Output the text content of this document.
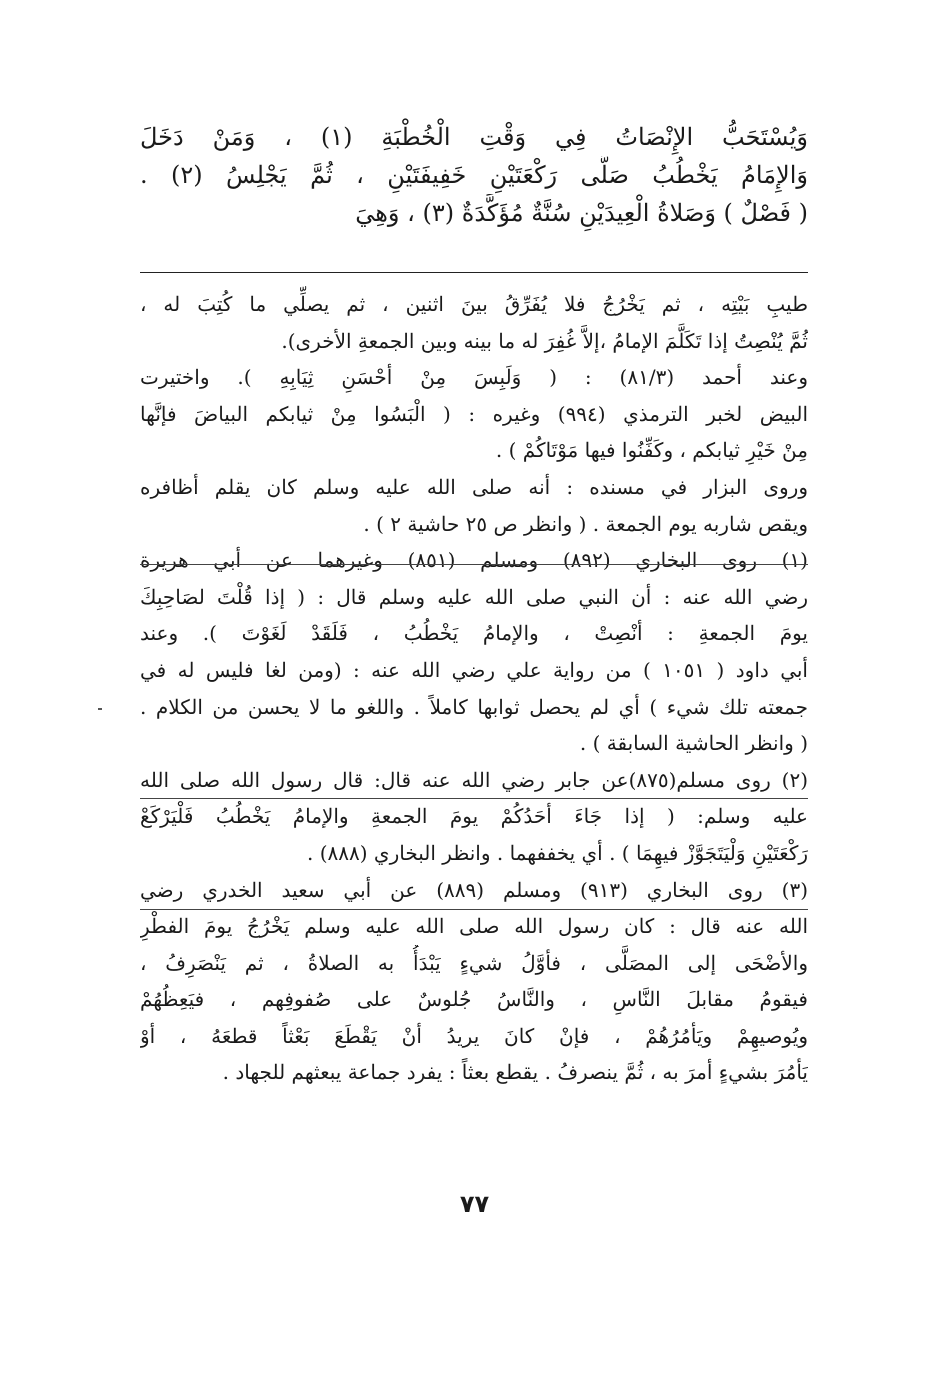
وَيُسْتَحَبُّ الإِنْصَاتُ فِي وَقْتِ الْخُطْبَةِ (١) ، وَمَنْ دَخَلَ
وَالإِمَامُ يَخْطُبُ صَلَّى رَكْعَتَيْنِ خَفِيفَتَيْنِ ، ثُمَّ يَجْلِسُ (٢) .
( فَصْلٌ ) وَصَلاةُ الْعِيدَيْنِ سُنَّةٌ مُؤَكَّدَةٌ (٣) ، وَهِيَ
طيبِ بَيْتِه ، ثم يَخْرُجُ فلا يُفَرِّقُ بينَ اثنين ، ثم يصلِّي ما كُتِبَ له ،
ثُمَّ يُنْصِتُ إذا تَكَلَّمَ الإمامُ ،إلاَّ غُفِرَ له ما بينه وبين الجمعةِ الأخرى).
وعند أحمد (٨١/٣) : ( وَلَبِسَ مِنْ أحْسَنِ ثِيَابِهِ ). واختيرت
البيض لخبر الترمذي (٩٩٤) وغيره : ( الْبَسُوا مِنْ ثيابكم البياضَ فإنَّها
مِنْ خَيْرِ ثيابكم ، وكَفِّنُوا فيها مَوْتَاكُمْ ) .
وروى البزار في مسنده : أنه صلى الله عليه وسلم كان يقلم أظافره
ويقص شاربه يوم الجمعة . ( وانظر ص ٢٥ حاشية ٢ ) .
(١) روى البخاري (٨٩٢) ومسلم (٨٥١) وغيرهما عن أبي هريرة
رضي الله عنه : أن النبي صلى الله عليه وسلم قال : ( إذا قُلْتَ لصَاحِبِكَ
يومَ الجمعةِ : أنْصِتْ ، والإمامُ يَخْطُبُ ، فَلَقَدْ لَغَوْتَ ). وعند
أبي داود ( ١٠٥١ ) من رواية علي رضي الله عنه : (ومن لغا فليس له في
جمعته تلك شيء ) أي لم يحصل ثوابها كاملاً . واللغو ما لا يحسن من الكلام .
( وانظر الحاشية السابقة ) .
(٢) روى مسلم(٨٧٥)عن جابر رضي الله عنه قال: قال رسول الله صلى الله
عليه وسلم: ( إذا جَاءَ أحَدُكُمْ يومَ الجمعةِ والإمامُ يَخْطُبُ فَلْيَرْكَعْ
رَكْعَتَيْنِ وَلْيَتَجَوَّزْ فيهِمَا ) . أي يخففهما . وانظر البخاري (٨٨٨) .
(٣) روى البخاري (٩١٣) ومسلم (٨٨٩) عن أبي سعيد الخدري رضي
الله عنه قال : كان رسول الله صلى الله عليه وسلم يَخْرُجُ يومَ الفطْرِ
والأضْحَى إلى المصَلَّى ، فأوَّلُ شيءٍ يَبْدَأُ به الصلاةُ ، ثم يَنْصَرِفُ ،
فيقومُ مقابلَ النَّاسِ ، والنَّاسُ جُلوسٌ على صُفوفِهم ، فيَعِظُهُمْ
ويُوصيهِمْ ويَأمُرُهُمْ ، فإنْ كانَ يريدُ أنْ يَقْطَعَ بَعْثاً قطعَهُ ، أوْ
يَأمُرَ بشيءٍ أمرَ به ، ثُمَّ ينصرفُ . يقطع بعثاً : يفرد جماعة يبعثهم للجهاد .
٧٧
